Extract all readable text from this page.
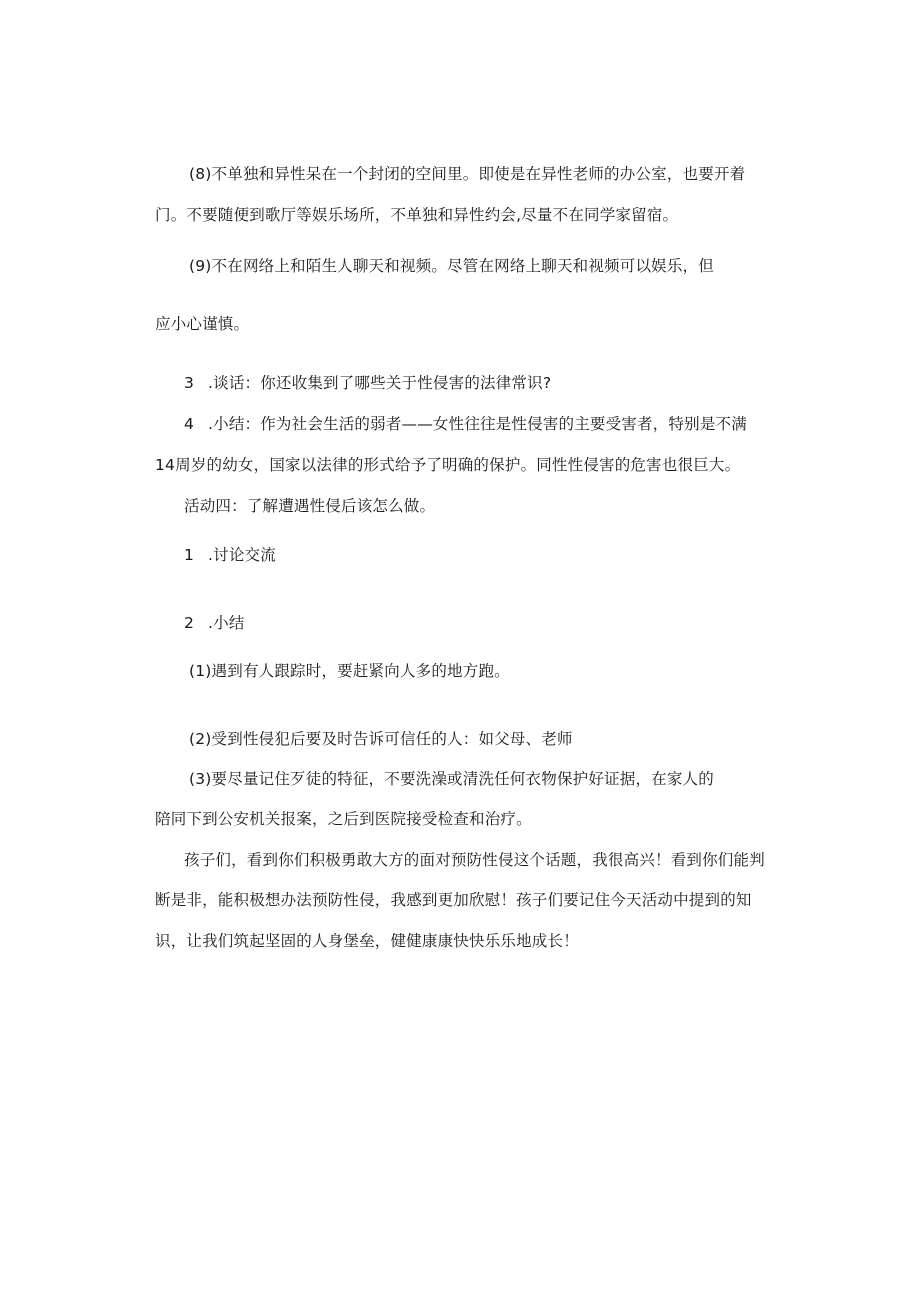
(8)不单独和异性呆在一个封闭的空间里。即使是在异性老师的办公室，也要开着
门。不要随便到歌厅等娱乐场所，不单独和异性约会,尽量不在同学家留宿。
(9)不在网络上和陌生人聊天和视频。尽管在网络上聊天和视频可以娱乐，但
应小心谨慎。
3 .谈话：你还收集到了哪些关于性侵害的法律常识?
4 .小结：作为社会生活的弱者——女性往往是性侵害的主要受害者，特别是不满
14周岁的幼女，国家以法律的形式给予了明确的保护。同性性侵害的危害也很巨大。
活动四：了解遭遇性侵后该怎么做。
1 .讨论交流
2 .小结
(1)遇到有人跟踪时，要赶紧向人多的地方跑。
(2)受到性侵犯后要及时告诉可信任的人：如父母、老师
(3)要尽量记住歹徒的特征，不要洗澡或清洗任何衣物保护好证据，在家人的
陪同下到公安机关报案，之后到医院接受检查和治疗。
孩子们，看到你们积极勇敢大方的面对预防性侵这个话题，我很高兴！看到你们能判
断是非，能积极想办法预防性侵，我感到更加欣慰！孩子们要记住今天活动中提到的知
识，让我们筑起坚固的人身堡垒，健健康康快快乐乐地成长！
